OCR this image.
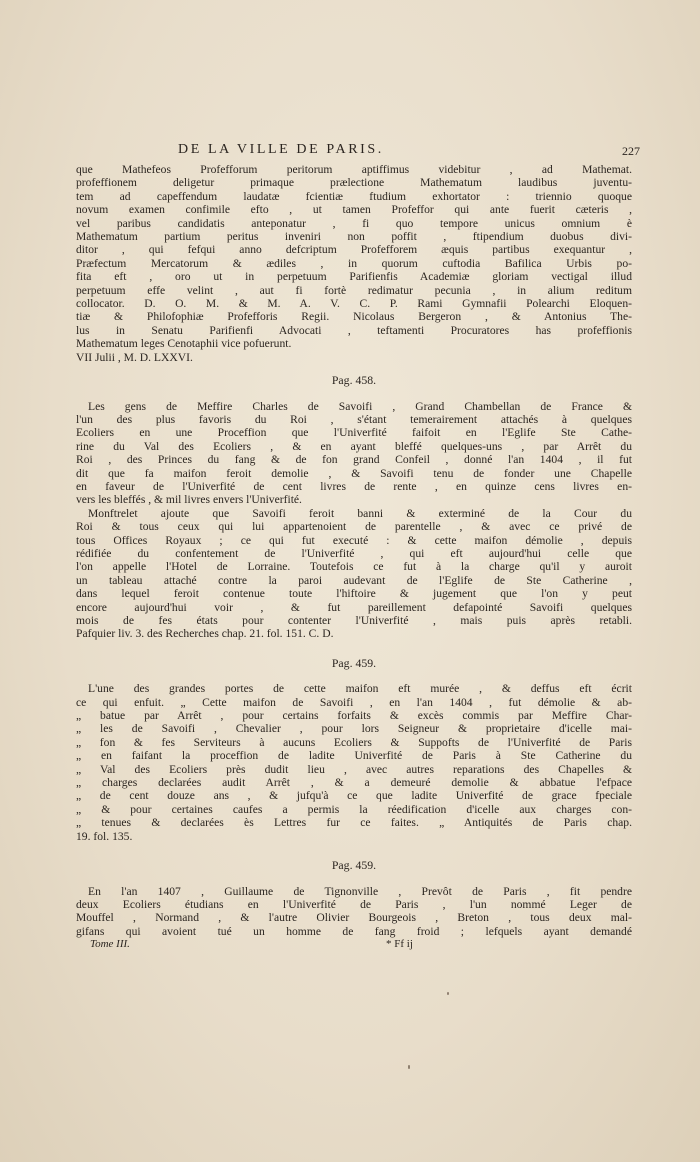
DE LA VILLE DE PARIS.	227
que Mathefeos Profefforum peritorum aptiffimus videbitur , ad Mathemat.
profeffionem deligetur primaque prælectione Mathematum laudibus juventu-
tem ad capeffendum laudatæ fcientiæ ftudium exhortator : triennio quoque
novum examen confimile efto , ut tamen Profeffor qui ante fuerit cæteris ,
vel paribus candidatis anteponatur , fi quo tempore unicus omnium è
Mathematum partium peritus inveniri non poffit , ftipendium duobus divi-
ditor , qui fefqui anno defcriptum Profefforem æquis partibus exequantur ,
Præfectum Mercatorum & ædiles , in quorum cuftodia Bafilica Urbis po-
fita eft , oro ut in perpetuum Parifienfis Academiæ gloriam vectigal illud
perpetuum effe velint , aut fi fortè redimatur pecunia , in alium reditum
collocator. D. O. M. & M. A. V. C. P. Rami Gymnafii Polearchi Eloquen-
tiæ & Philofophiæ Profefforis Regii. Nicolaus Bergeron , & Antonius The-
lus in Senatu Parifienfi Advocati , teftamenti Procuratores has profeffionis
Mathematum leges Cenotaphii vice pofuerunt.
VII Julii , M. D. LXXVI.
Pag. 458.
Les gens de Meffire Charles de Savoifi , Grand Chambellan de France &
l'un des plus favoris du Roi , s'étant temerairement attachés à quelques
Ecoliers en une Proceffion que l'Univerfité faifoit en l'Eglife Ste Cathe-
rine du Val des Ecoliers , & en ayant bleffé quelques-uns , par Arrêt du
Roi , des Princes du fang & de fon grand Confeil , donné l'an 1404 , il fut
dit que fa maifon feroit demolie , & Savoifi tenu de fonder une Chapelle
en faveur de l'Univerfité de cent livres de rente , en quinze cens livres en-
vers les bleffés , & mil livres envers l'Univerfité.
Monftrelet ajoute que Savoifi feroit banni & exterminé de la Cour du
Roi & tous ceux qui lui appartenoient de parentelle , & avec ce privé de
tous Offices Royaux ; ce qui fut executé : & cette maifon démolie , depuis
rédifiée du confentement de l'Univerfité , qui eft aujourd'hui celle que
l'on appelle l'Hotel de Lorraine. Toutefois ce fut à la charge qu'il y auroit
un tableau attaché contre la paroi audevant de l'Eglife de Ste Catherine ,
dans lequel feroit contenue toute l'hiftoire & jugement que l'on y peut
encore aujourd'hui voir , & fut pareillement defapointé Savoifi quelques
mois de fes états pour contenter l'Univerfité , mais puis après retabli.
Pafquier liv. 3. des Recherches chap. 21. fol. 151. C. D.
Pag. 459.
L'une des grandes portes de cette maifon eft murée , & deffus eft écrit
ce qui enfuit. „ Cette maifon de Savoifi , en l'an 1404 , fut démolie & ab-
„ batue par Arrêt , pour certains forfaits & excès commis par Meffire Char-
„ les de Savoifi , Chevalier , pour lors Seigneur & proprietaire d'icelle mai-
„ fon & fes Serviteurs à aucuns Ecoliers & Suppofts de l'Univerfité de Paris
„ en faifant la proceffion de ladite Univerfité de Paris à Ste Catherine du
„ Val des Ecoliers près dudit lieu , avec autres reparations des Chapelles &
„ charges declarées audit Arrêt , & a demeuré demolie & abbatue l'efpace
„ de cent douze ans , & jufqu'à ce que ladite Univerfité de grace fpeciale
„ & pour certaines caufes a permis la réedification d'icelle aux charges con-
„ tenues & declarées ès Lettres fur ce faites. „ Antiquités de Paris chap.
19. fol. 135.
Pag. 459.
En l'an 1407 , Guillaume de Tignonville , Prevôt de Paris , fit pendre
deux Ecoliers étudians en l'Univerfité de Paris , l'un nommé Leger de
Mouffel , Normand , & l'autre Olivier Bourgeois , Breton , tous deux mal-
gifans qui avoient tué un homme de fang froid ; lefquels ayant demandé
Tome III.	* Ff ij
